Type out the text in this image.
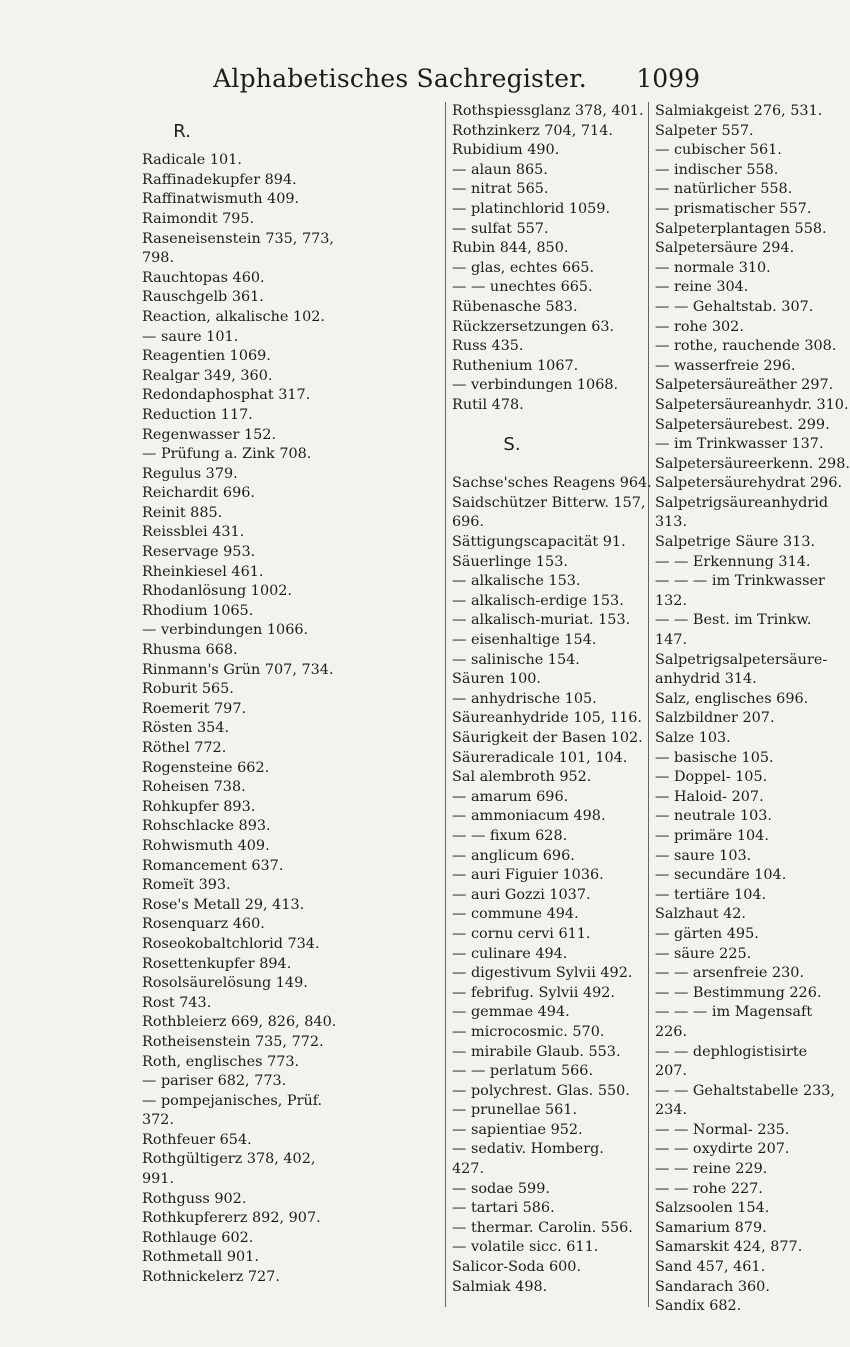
Alphabetisches Sachregister.	1099
R.
Radicale 101.
Raffinadekupfer 894.
Raffinatwismuth 409.
Raimondit 795.
Raseneisenstein 735, 773,
798.
Rauchtopas 460.
Rauschgelb 361.
Reaction, alkalische 102.
— saure 101.
Reagentien 1069.
Realgar 349, 360.
Redondaphosphat 317.
Reduction 117.
Regenwasser 152.
— Prüfung a. Zink 708.
Regulus 379.
Reichardit 696.
Reinit 885.
Reissblei 431.
Reservage 953.
Rheinkiesel 461.
Rhodanlösung 1002.
Rhodium 1065.
— verbindungen 1066.
Rhusma 668.
Rinmann's Grün 707, 734.
Roburit 565.
Roemerit 797.
Rösten 354.
Röthel 772.
Rogensteine 662.
Roheisen 738.
Rohkupfer 893.
Rohschlacke 893.
Rohwismuth 409.
Romancement 637.
Romeït 393.
Rose's Metall 29, 413.
Rosenquarz 460.
Roseokobaltchlorid 734.
Rosettenkupfer 894.
Rosolsäurelösung 149.
Rost 743.
Rothbleierz 669, 826, 840.
Rotheisenstein 735, 772.
Roth, englisches 773.
— pariser 682, 773.
— pompejanisches, Prüf.
372.
Rothfeuer 654.
Rothgültigerz 378, 402,
991.
Rothguss 902.
Rothkupfererz 892, 907.
Rothlauge 602.
Rothmetall 901.
Rothnickelerz 727.
Rothspiessglanz 378, 401.
Rothzinkerz 704, 714.
Rubidium 490.
— alaun 865.
— nitrat 565.
— platinchlorid 1059.
— sulfat 557.
Rubin 844, 850.
— glas, echtes 665.
— — unechtes 665.
Rübenasche 583.
Rückzersetzungen 63.
Russ 435.
Ruthenium 1067.
— verbindungen 1068.
Rutil 478.
S.
Sachse'sches Reagens 964.
Saidschützer Bitterw. 157,
696.
Sättigungscapacität 91.
Säuerlinge 153.
— alkalische 153.
— alkalisch-erdige 153.
— alkalisch-muriat. 153.
— eisenhaltige 154.
— salinische 154.
Säuren 100.
— anhydrische 105.
Säureanhydride 105, 116.
Säurigkeit der Basen 102.
Säureradicale 101, 104.
Sal alembroth 952.
— amarum 696.
— ammoniacum 498.
— — fixum 628.
— anglicum 696.
— auri Figuier 1036.
— auri Gozzi 1037.
— commune 494.
— cornu cervi 611.
— culinare 494.
— digestivum Sylvii 492.
— febrifug. Sylvii 492.
— gemmae 494.
— microcosmic. 570.
— mirabile Glaub. 553.
— — perlatum 566.
— polychrest. Glas. 550.
— prunellae 561.
— sapientiae 952.
— sedativ. Homberg.
427.
— sodae 599.
— tartari 586.
— thermar. Carolin. 556.
— volatile sicc. 611.
Salicor-Soda 600.
Salmiak 498.
Salmiakgeist 276, 531.
Salpeter 557.
— cubischer 561.
— indischer 558.
— natürlicher 558.
— prismatischer 557.
Salpeterplantagen 558.
Salpetersäure 294.
— normale 310.
— reine 304.
— — Gehaltstab. 307.
— rohe 302.
— rothe, rauchende 308.
— wasserfreie 296.
Salpetersäureäther 297.
Salpetersäureanhydr. 310.
Salpetersäurebest. 299.
— im Trinkwasser 137.
Salpetersäureerkenn. 298.
Salpetersäurehydrat 296.
Salpetrigsäureanhydrid
313.
Salpetrige Säure 313.
— — Erkennung 314.
— — — im Trinkwasser
132.
— — Best. im Trinkw.
147.
Salpetrigsalpetersäure-
anhydrid 314.
Salz, englisches 696.
Salzbildner 207.
Salze 103.
— basische 105.
— Doppel- 105.
— Haloid- 207.
— neutrale 103.
— primäre 104.
— saure 103.
— secundäre 104.
— tertiäre 104.
Salzhaut 42.
— gärten 495.
— säure 225.
— — arsenfreie 230.
— — Bestimmung 226.
— — — im Magensaft
226.
— — dephlogistisirte
207.
— — Gehaltstabelle 233,
234.
— — Normal- 235.
— — oxydirte 207.
— — reine 229.
— — rohe 227.
Salzsoolen 154.
Samarium 879.
Samarskit 424, 877.
Sand 457, 461.
Sandarach 360.
Sandix 682.
